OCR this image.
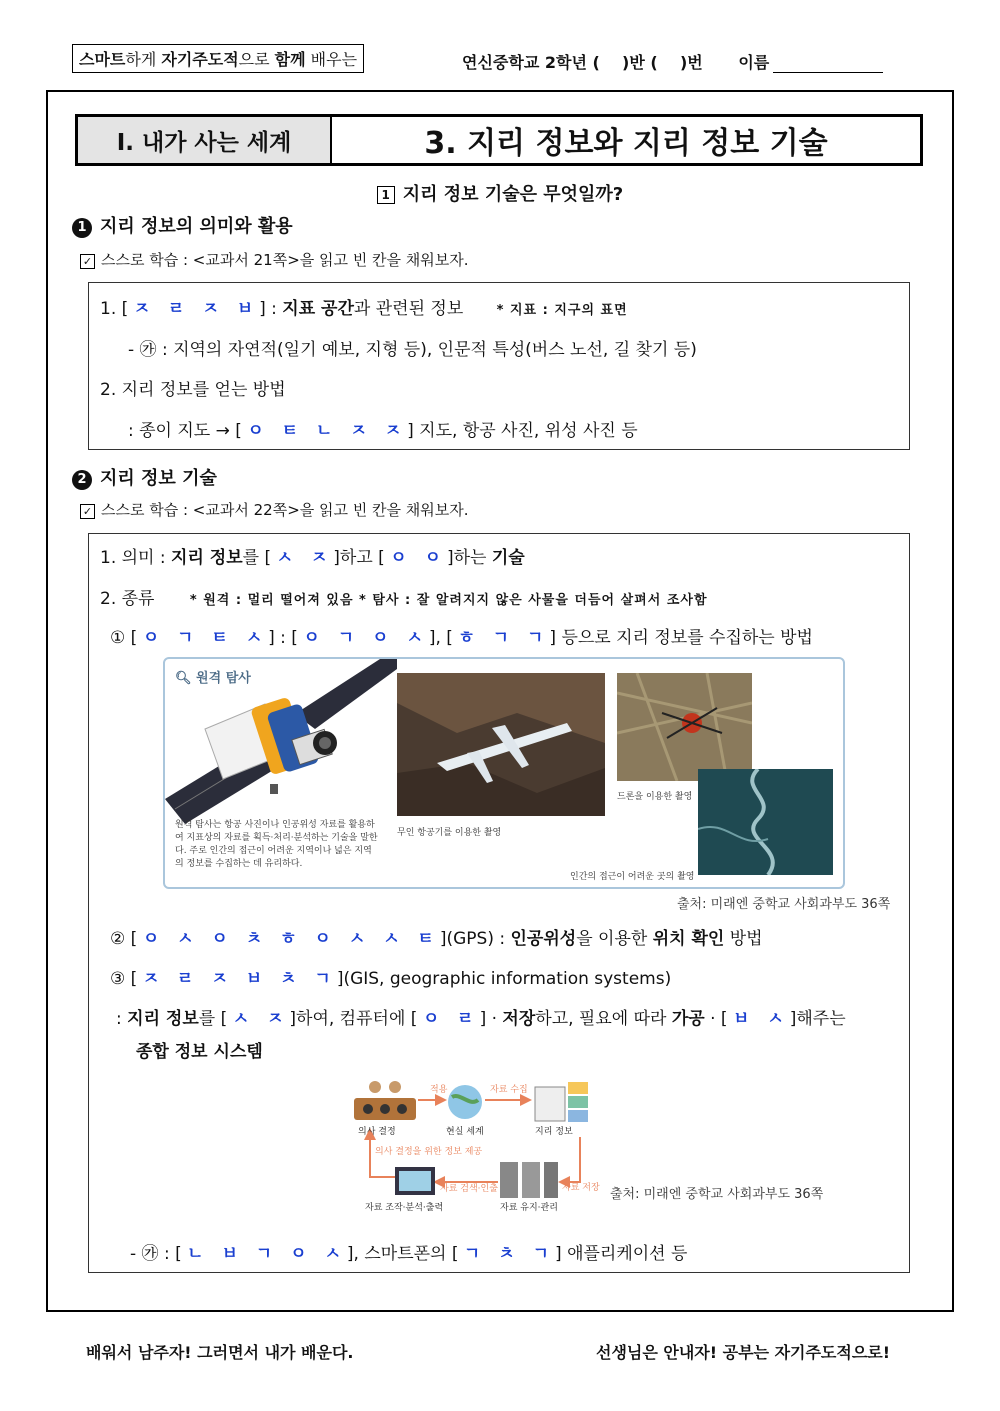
스마트하게 자기주도적으로 함께 배우는	연신중학교 2학년 (    )반 (    )번 이름
Ⅰ. 내가 사는 세계	3. 지리 정보와 지리 정보 기술
1 지리 정보 기술은 무엇일까?
1 지리 정보의 의미와 활용
✓ 스스로 학습 : <교과서 21쪽>을 읽고 빈 칸을 채워보자.
1. [ ㅈ ㄹ ㅈ ㅂ] : 지표 공간과 관련된 정보	* 지표 : 지구의 표면
- ㉮ : 지역의 자연적(일기 예보, 지형 등), 인문적 특성(버스 노선, 길 찾기 등)
2. 지리 정보를 얻는 방법
: 종이 지도 → [ ㅇ ㅌ ㄴ ㅈ ㅈ] 지도, 항공 사진, 위성 사진 등
2 지리 정보 기술
✓ 스스로 학습 : <교과서 22쪽>을 읽고 빈 칸을 채워보자.
1. 의미 : 지리 정보를 [ ㅅ ㅈ]하고 [ ㅇ ㅇ]하는 기술
2. 종류	* 원격 : 멀리 떨어져 있음 * 탐사 : 잘 알려지지 않은 사물을 더듬어 살펴서 조사함
① [ ㅇ ㄱ ㅌ ㅅ] : [ ㅇ ㄱ ㅇ ㅅ], [ ㅎ ㄱ ㄱ] 등으로 지리 정보를 수집하는 방법
🔍︎ 원격 탐사
원격 탐사는 항공 사진이나 인공위성 자료를 활용하여 지표상의 자료를 획득·처리·분석하는 기술을 말한다. 주로 인간의 접근이 어려운 지역이나 넓은 지역의 정보를 수집하는 데 유리하다.
무인 항공기를 이용한 촬영
드론을 이용한 촬영
인간의 접근이 어려운 곳의 촬영
출처: 미래엔 중학교 사회과부도 36쪽
② [ ㅇ ㅅ ㅇ ㅊ ㅎ ㅇ ㅅ ㅅ ㅌ](GPS) : 인공위성을 이용한 위치 확인 방법
③ [ ㅈ ㄹ ㅈ ㅂ ㅊ ㄱ](GIS, geographic information systems)
: 지리 정보를 [ ㅅ ㅈ]하여, 컴퓨터에 [ ㅇ ㄹ] · 저장하고, 필요에 따라 가공 · [ ㅂ ㅅ]해주는
종합 정보 시스템
적용	자료 수집
의사 결정	현실 세계	지리 정보
의사 결정을 위한 정보 제공
자료 검색·인출	자료 저장
자료 조작·분석·출력	자료 유지·관리
출처: 미래엔 중학교 사회과부도 36쪽
- ㉮ : [ ㄴ ㅂ ㄱ ㅇ ㅅ], 스마트폰의 [ ㄱ ㅊ ㄱ] 애플리케이션 등
배워서 남주자! 그러면서 내가 배운다.	선생님은 안내자! 공부는 자기주도적으로!
